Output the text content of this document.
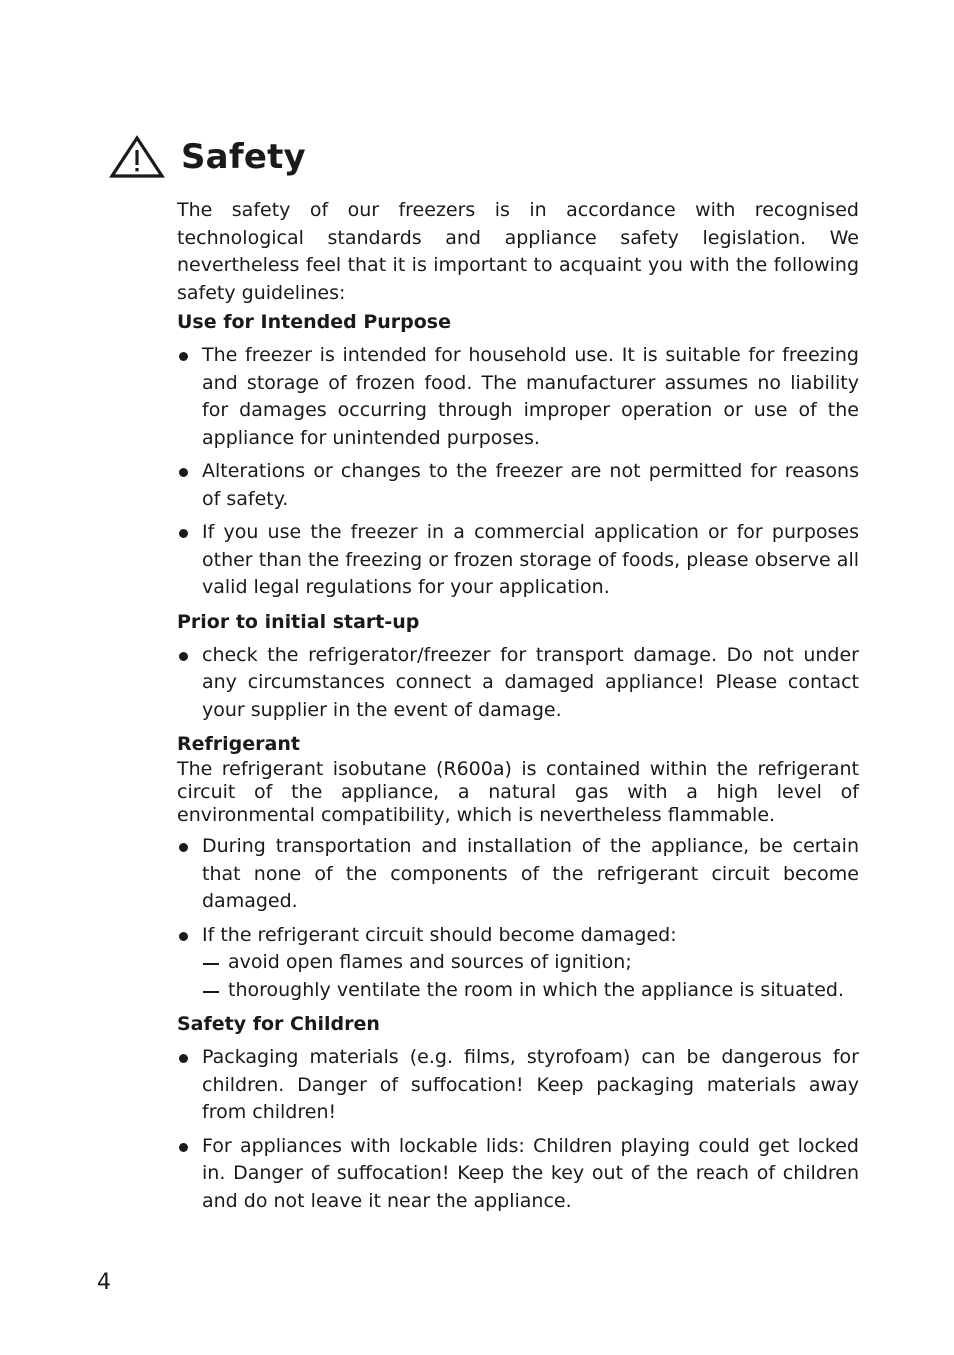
Safety

The safety of our freezers is in accordance with recognised technological standards and appliance safety legislation. We nevertheless feel that it is important to acquaint you with the following safety guidelines:

Use for Intended Purpose
The freezer is intended for household use. It is suitable for freezing and storage of frozen food. The manufacturer assumes no liability for damages occurring through improper operation or use of the appliance for unintended purposes.
Alterations or changes to the freezer are not permitted for reasons of safety.
If you use the freezer in a commercial application or for purposes other than the freezing or frozen storage of foods, please observe all valid legal regulations for your application.
Prior to initial start-up
check the refrigerator/freezer for transport damage. Do not under any circumstances connect a damaged appliance! Please contact your supplier in the event of damage.
Refrigerant

The refrigerant isobutane (R600a) is contained within the refrigerant circuit of the appliance, a natural gas with a high level of environmental compatibility, which is nevertheless flammable.

During transportation and installation of the appliance, be certain that none of the components of the refrigerant circuit become damaged.
If the refrigerant circuit should become damaged:
avoid open flames and sources of ignition;
thoroughly ventilate the room in which the appliance is situated.
Safety for Children
Packaging materials (e.g. films, styrofoam) can be dangerous for children. Danger of suffocation! Keep packaging materials away from children!
For appliances with lockable lids: Children playing could get locked in. Danger of suffocation! Keep the key out of the reach of children and do not leave it near the appliance.
4
